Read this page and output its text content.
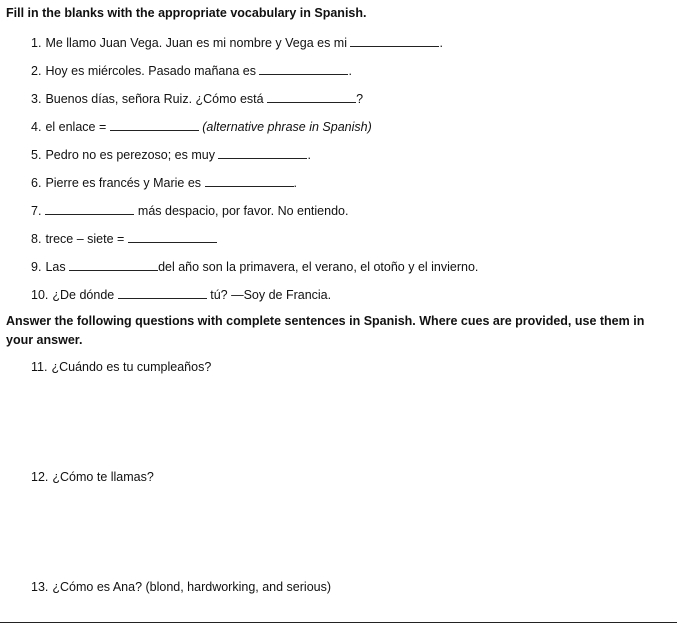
Fill in the blanks with the appropriate vocabulary in Spanish.
1. Me llamo Juan Vega. Juan es mi nombre y Vega es mi	.
2. Hoy es miércoles. Pasado mañana es	.
3. Buenos días, señora Ruiz. ¿Cómo está	?
4. el enlace =	(alternative phrase in Spanish)
5. Pedro no es perezoso; es muy	.
6. Pierre es francés y Marie es	.
7.	más despacio, por favor. No entiendo.
8. trece – siete =
9. Las	del año son la primavera, el verano, el otoño y el invierno.
10. ¿De dónde	tú? —Soy de Francia.
Answer the following questions with complete sentences in Spanish. Where cues are provided, use them in your answer.
11. ¿Cuándo es tu cumpleaños?
12. ¿Cómo te llamas?
13. ¿Cómo es Ana? (blond, hardworking, and serious)
